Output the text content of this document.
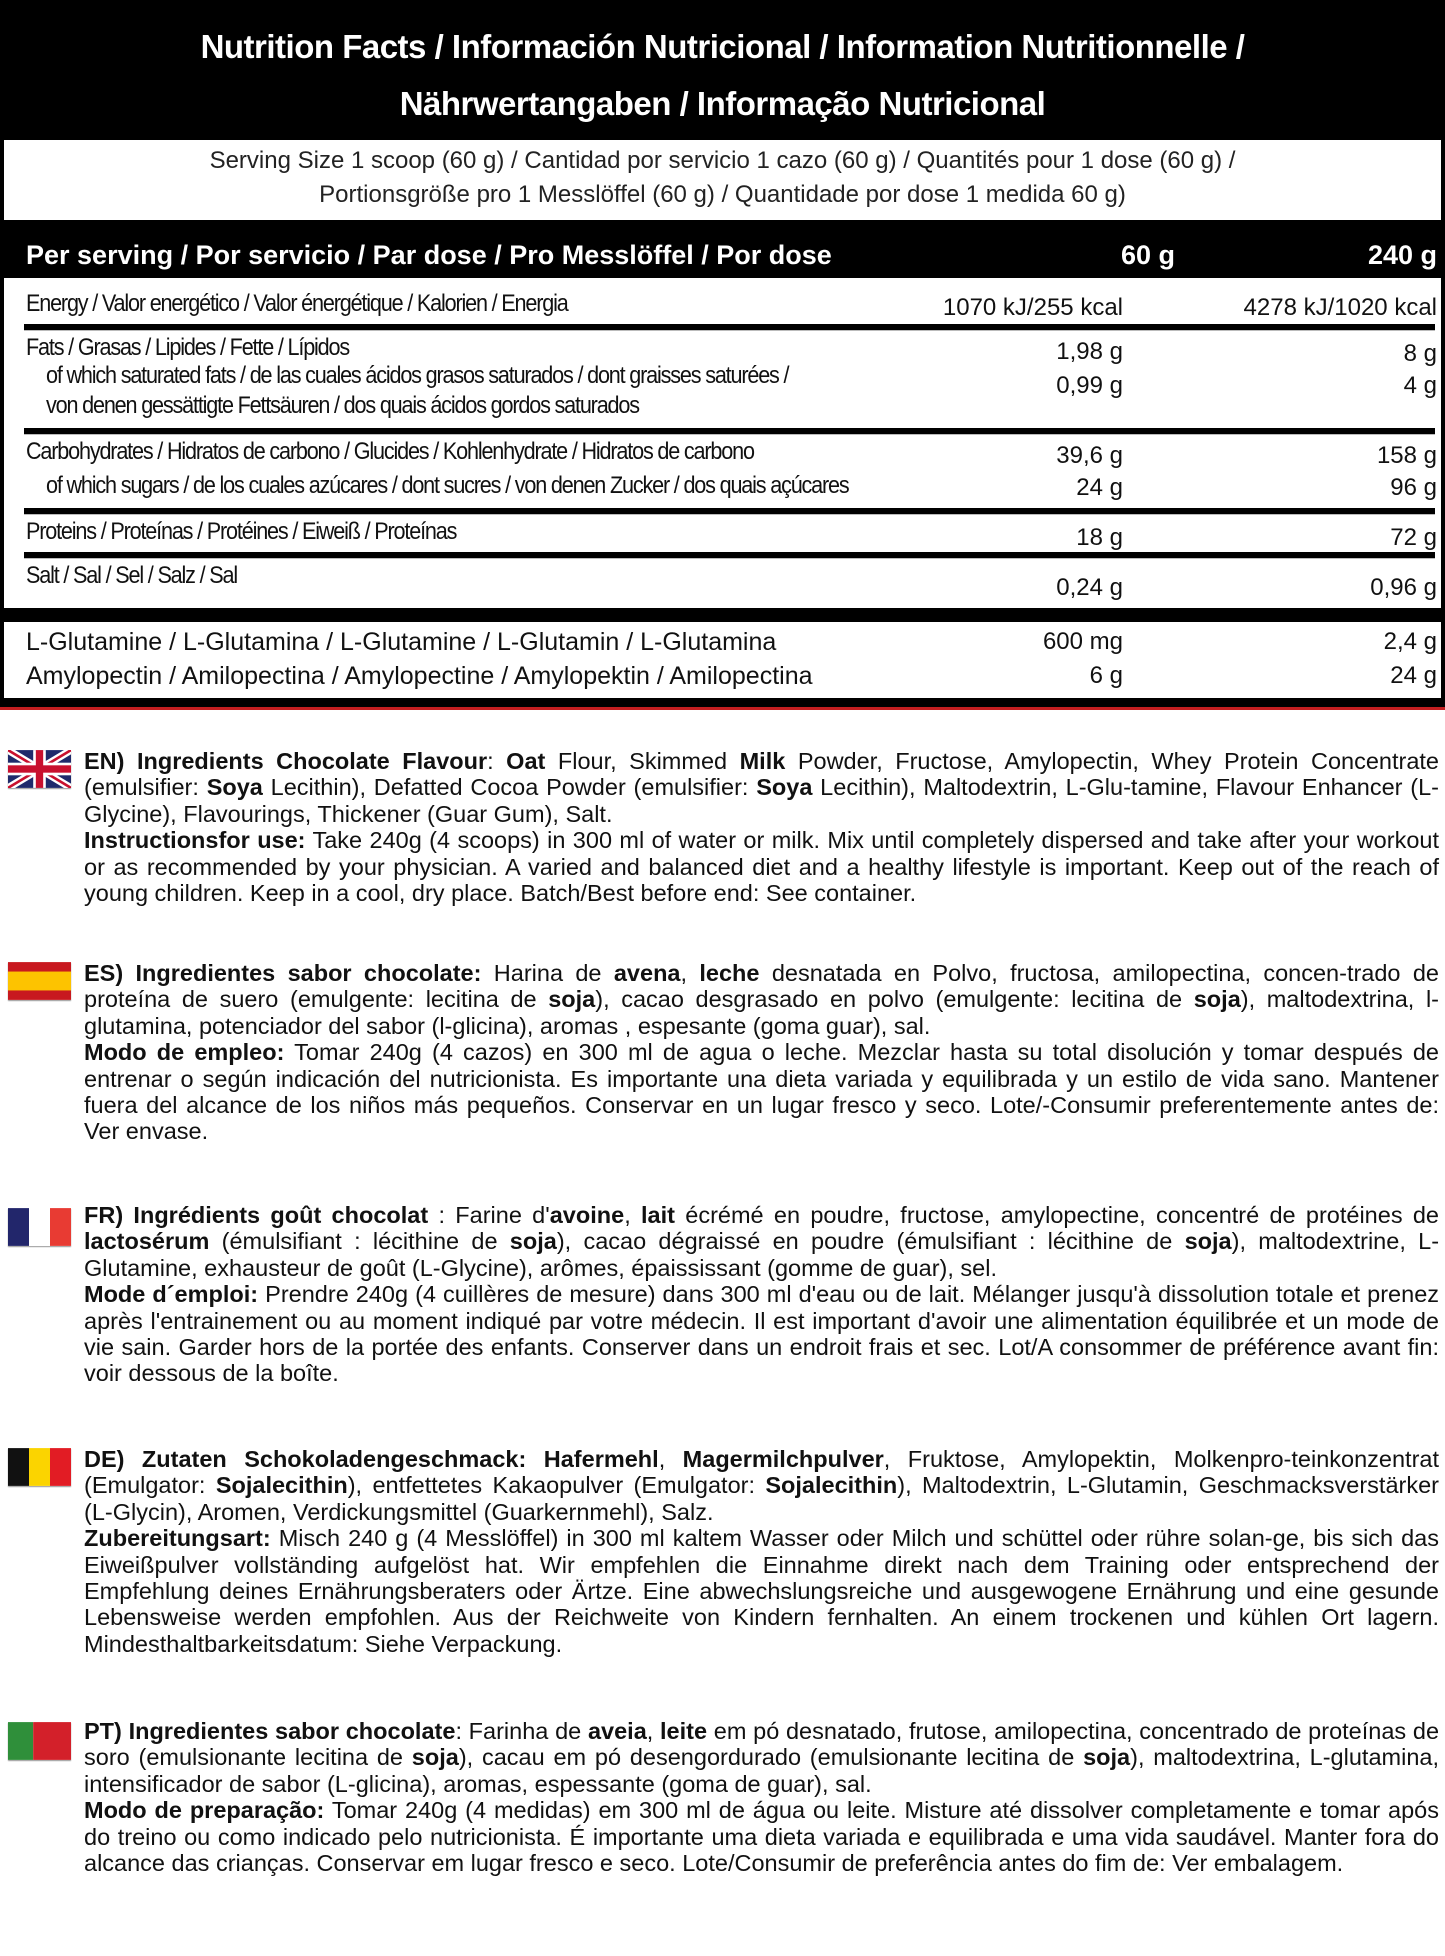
Nutrition Facts / Información Nutricional / Information Nutritionnelle /
Nährwertangaben / Informação Nutricional
Serving Size 1 scoop (60 g) / Cantidad por servicio 1 cazo (60 g) / Quantités pour 1 dose (60 g) /
Portionsgröße pro 1 Messlöffel (60 g) / Quantidade por dose 1 medida 60 g)
Per serving / Por servicio / Par dose / Pro Messlöffel / Por dose	60 g	240 g
Energy / Valor energético / Valor énergétique / Kalorien / Energia	1070 kJ/255 kcal	4278 kJ/1020 kcal
Fats / Grasas / Lipides / Fette / Lípidos	1,98 g	8 g
of which saturated fats / de las cuales ácidos grasos saturados / dont graisses saturées /	0,99 g	4 g
von denen gessättigte Fettsäuren / dos quais ácidos gordos saturados
Carbohydrates / Hidratos de carbono / Glucides / Kohlenhydrate / Hidratos de carbono	39,6 g	158 g
of which sugars / de los cuales azúcares / dont sucres / von denen Zucker / dos quais açúcares	24 g	96 g
Proteins / Proteínas / Protéines / Eiweiß / Proteínas	18 g	72 g
Salt / Sal / Sel / Salz / Sal	0,24 g	0,96 g
L-Glutamine / L-Glutamina / L-Glutamine / L-Glutamin / L-Glutamina	600 mg	2,4 g
Amylopectin / Amilopectina / Amylopectine / Amylopektin / Amilopectina	6 g	24 g
EN) Ingredients Chocolate Flavour: Oat Flour, Skimmed Milk Powder, Fructose, Amylopectin, Whey Protein Concentrate (emulsifier: Soya Lecithin), Defatted Cocoa Powder (emulsifier: Soya Lecithin), Maltodextrin, L-Glu-tamine, Flavour Enhancer (L-Glycine), Flavourings, Thickener (Guar Gum), Salt.
Instructionsfor use: Take 240g (4 scoops) in 300 ml of water or milk. Mix until completely dispersed and take after your workout or as recommended by your physician. A varied and balanced diet and a healthy lifestyle is important. Keep out of the reach of young children. Keep in a cool, dry place. Batch/Best before end: See container.
ES) Ingredientes sabor chocolate: Harina de avena, leche desnatada en Polvo, fructosa, amilopectina, concen-trado de proteína de suero (emulgente: lecitina de soja), cacao desgrasado en polvo (emulgente: lecitina de soja), maltodextrina, l-glutamina, potenciador del sabor (l-glicina), aromas , espesante (goma guar), sal.
Modo de empleo: Tomar 240g (4 cazos) en 300 ml de agua o leche. Mezclar hasta su total disolución y tomar después de entrenar o según indicación del nutricionista. Es importante una dieta variada y equilibrada y un estilo de vida sano. Mantener fuera del alcance de los niños más pequeños. Conservar en un lugar fresco y seco. Lote/-Consumir preferentemente antes de: Ver envase.
FR) Ingrédients goût chocolat : Farine d'avoine, lait écrémé en poudre, fructose, amylopectine, concentré de protéines de lactosérum (émulsifiant : lécithine de soja), cacao dégraissé en poudre (émulsifiant : lécithine de soja), maltodextrine, L-Glutamine, exhausteur de goût (L-Glycine), arômes, épaississant (gomme de guar), sel.
Mode d´emploi: Prendre 240g (4 cuillères de mesure) dans 300 ml d'eau ou de lait. Mélanger jusqu'à dissolution totale et prenez après l'entrainement ou au moment indiqué par votre médecin. Il est important d'avoir une alimentation équilibrée et un mode de vie sain. Garder hors de la portée des enfants. Conserver dans un endroit frais et sec. Lot/A consommer de préférence avant fin: voir dessous de la boîte.
DE) Zutaten Schokoladengeschmack: Hafermehl, Magermilchpulver, Fruktose, Amylopektin, Molkenpro-teinkonzentrat (Emulgator: Sojalecithin), entfettetes Kakaopulver (Emulgator: Sojalecithin), Maltodextrin, L-Glutamin, Geschmacksverstärker (L-Glycin), Aromen, Verdickungsmittel (Guarkernmehl), Salz.
Zubereitungsart: Misch 240 g (4 Messlöffel) in 300 ml kaltem Wasser oder Milch und schüttel oder rühre solan-ge, bis sich das Eiweißpulver vollständing aufgelöst hat. Wir empfehlen die Einnahme direkt nach dem Training oder entsprechend der Empfehlung deines Ernährungsberaters oder Ärtze. Eine abwechslungsreiche und ausgewogene Ernährung und eine gesunde Lebensweise werden empfohlen. Aus der Reichweite von Kindern fernhalten. An einem trockenen und kühlen Ort lagern. Mindesthaltbarkeitsdatum: Siehe Verpackung.
PT) Ingredientes sabor chocolate: Farinha de aveia, leite em pó desnatado, frutose, amilopectina, concentrado de proteínas de soro (emulsionante lecitina de soja), cacau em pó desengordurado (emulsionante lecitina de soja), maltodextrina, L-glutamina, intensificador de sabor (L-glicina), aromas, espessante (goma de guar), sal.
Modo de preparação: Tomar 240g (4 medidas) em 300 ml de água ou leite. Misture até dissolver completamente e tomar após do treino ou como indicado pelo nutricionista. É importante uma dieta variada e equilibrada e uma vida saudável. Manter fora do alcance das crianças. Conservar em lugar fresco e seco. Lote/Consumir de preferência antes do fim de: Ver embalagem.
